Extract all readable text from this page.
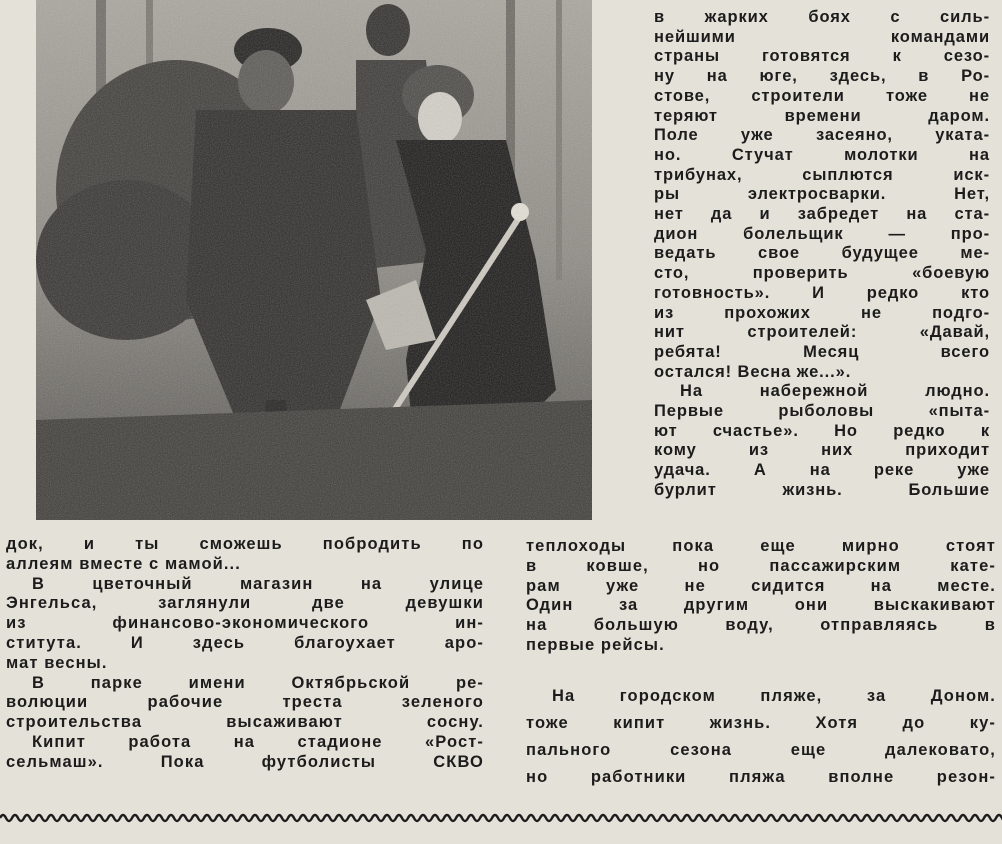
в жарких боях с силь-
нейшими командами
страны готовятся к сезо-
ну на юге, здесь, в Ро-
стове, строители тоже не
теряют времени даром.
Поле уже засеяно, уката-
но. Стучат молотки на
трибунах, сыплются иск-
ры электросварки. Нет,
нет да и забредет на ста-
дион болельщик — про-
ведать свое будущее ме-
сто, проверить «боевую
готовность». И редко кто
из прохожих не подго-
нит строителей: «Давай,
ребята! Месяц всего
остался! Весна же...».
На набережной людно.
Первые рыболовы «пыта-
ют счастье». Но редко к
кому из них приходит
удача. А на реке уже
бурлит жизнь. Большие
док, и ты сможешь побродить по
аллеям вместе с мамой...
В цветочный магазин на улице
Энгельса, заглянули две девушки
из финансово-экономического ин-
ститута. И здесь благоухает аро-
мат весны.
В парке имени Октябрьской ре-
волюции рабочие треста зеленого
строительства высаживают сосну.
Кипит работа на стадионе «Рост-
сельмаш». Пока футболисты СКВО
теплоходы пока еще мирно стоят
в ковше, но пассажирским кате-
рам уже не сидится на месте.
Один за другим они выскакивают
на большую воду, отправляясь в
первые рейсы.
На городском пляже, за Доном.
тоже кипит жизнь. Хотя до ку-
пального сезона еще далековато,
но работники пляжа вполне резон-
